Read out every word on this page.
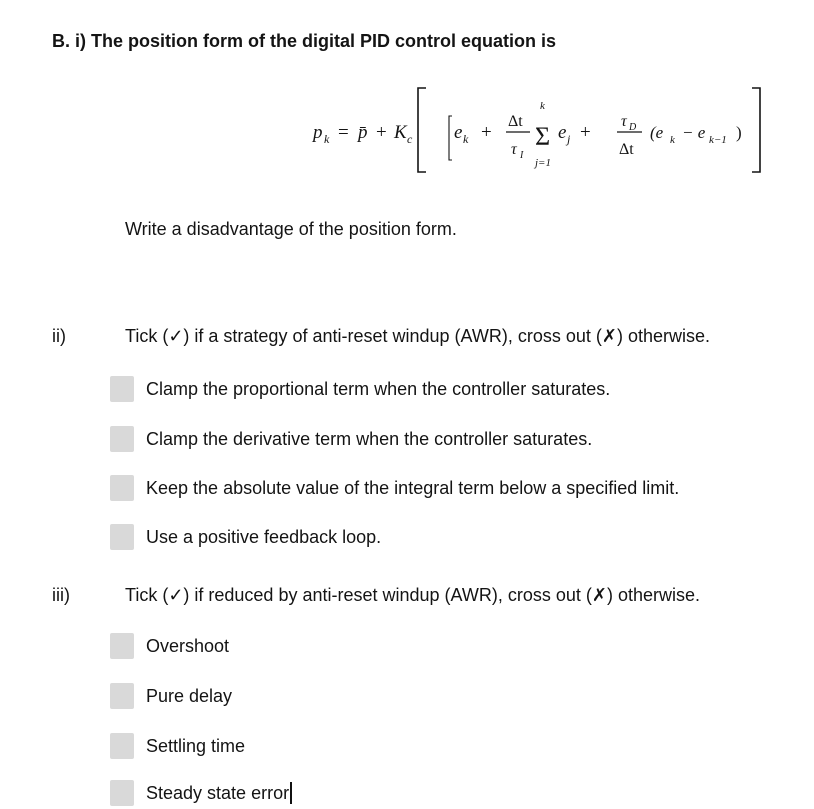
B. i) The position form of the digital PID control equation is
p k = p̄ + K c e k +
Δt
τ I
k
Σ
j=1
e j +
τ D
Δt
(e k − e k−1 )
Write a disadvantage of the position form.
ii)	Tick (✓) if a strategy of anti-reset windup (AWR), cross out (✗) otherwise.
Clamp the proportional term when the controller saturates.
Clamp the derivative term when the controller saturates.
Keep the absolute value of the integral term below a specified limit.
Use a positive feedback loop.
iii)	Tick (✓) if reduced by anti-reset windup (AWR), cross out (✗) otherwise.
Overshoot
Pure delay
Settling time
Steady state error
